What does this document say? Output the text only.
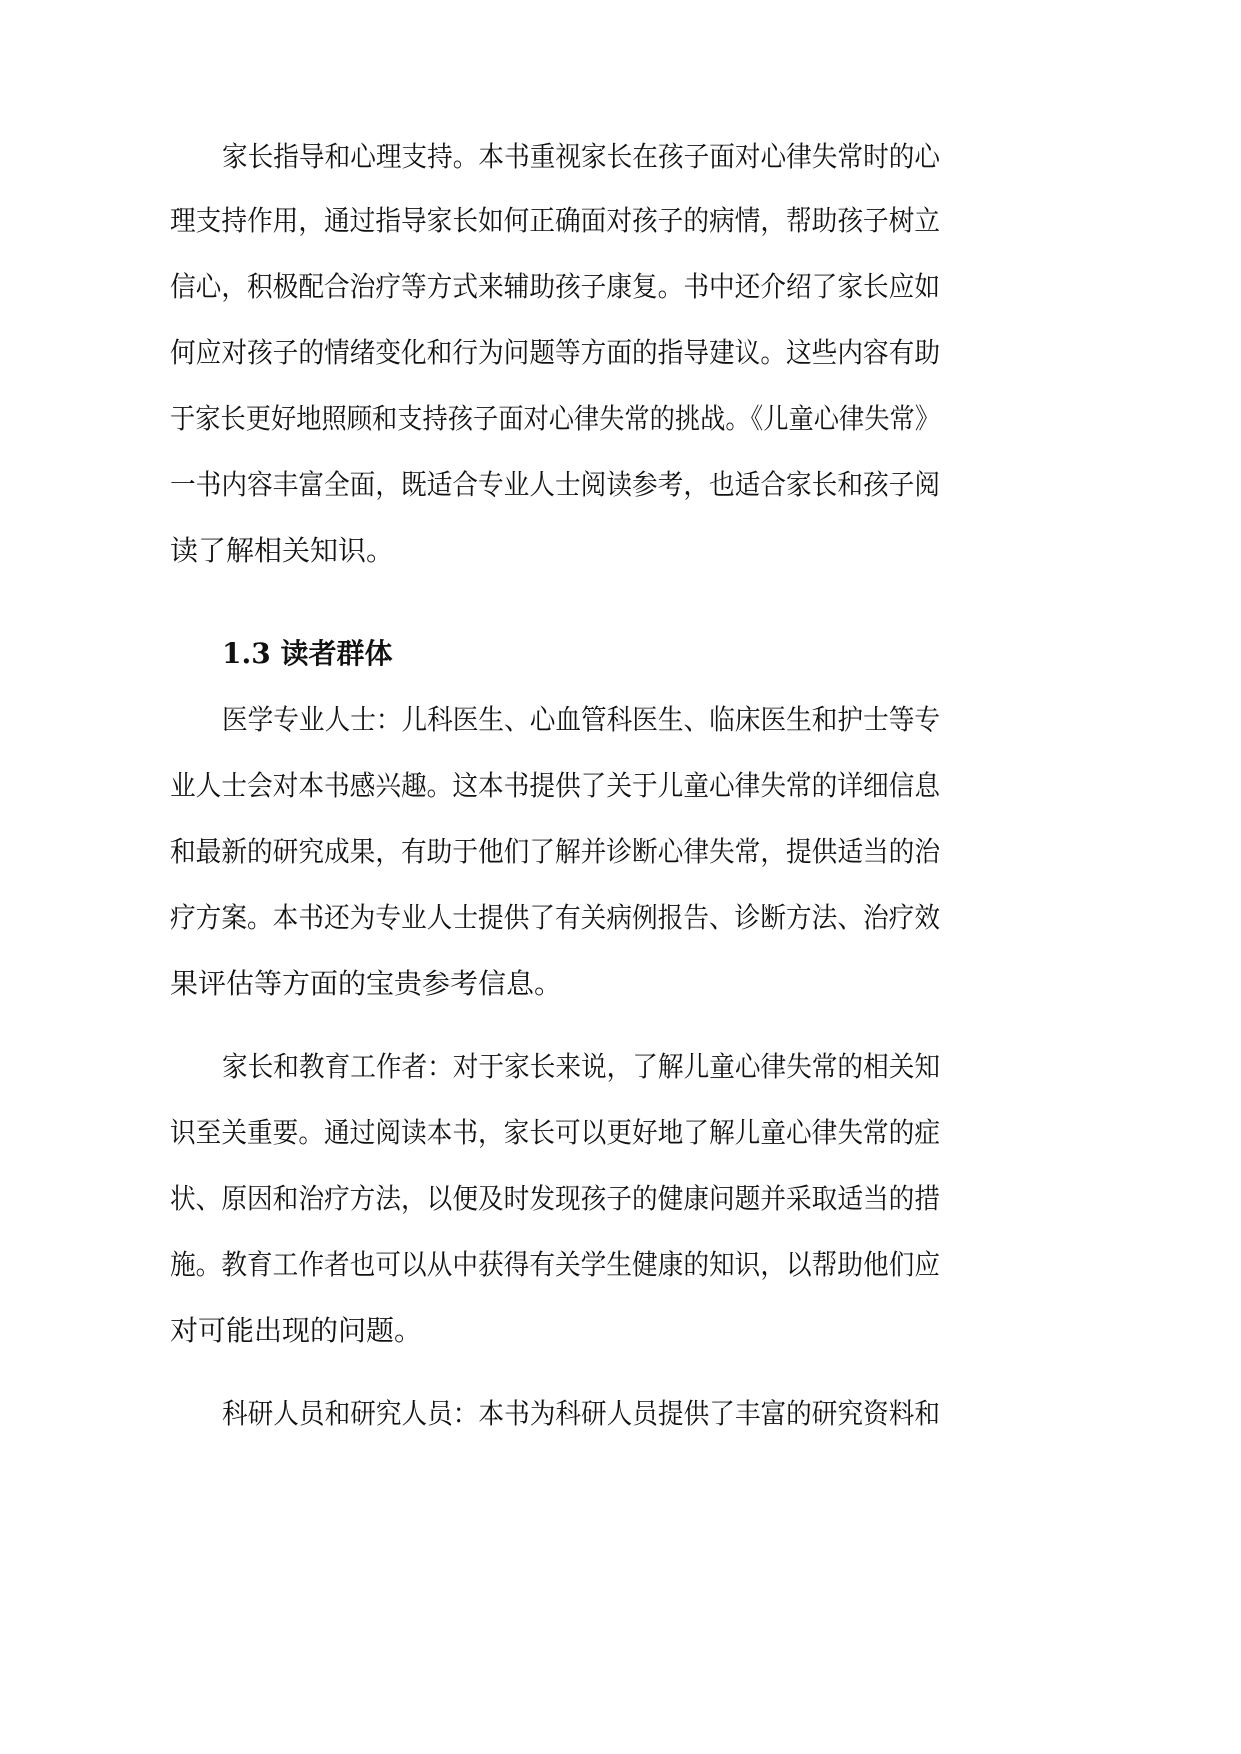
家长指导和心理支持。本书重视家长在孩子面对心律失常时的心

理支持作用，通过指导家长如何正确面对孩子的病情，帮助孩子树立

信心，积极配合治疗等方式来辅助孩子康复。书中还介绍了家长应如

何应对孩子的情绪变化和行为问题等方面的指导建议。这些内容有助

于家长更好地照顾和支持孩子面对心律失常的挑战。《儿童心律失常》

一书内容丰富全面，既适合专业人士阅读参考，也适合家长和孩子阅

读了解相关知识。

1.3 读者群体

医学专业人士：儿科医生、心血管科医生、临床医生和护士等专

业人士会对本书感兴趣。这本书提供了关于儿童心律失常的详细信息

和最新的研究成果，有助于他们了解并诊断心律失常，提供适当的治

疗方案。本书还为专业人士提供了有关病例报告、诊断方法、治疗效

果评估等方面的宝贵参考信息。

家长和教育工作者：对于家长来说，了解儿童心律失常的相关知

识至关重要。通过阅读本书，家长可以更好地了解儿童心律失常的症

状、原因和治疗方法，以便及时发现孩子的健康问题并采取适当的措

施。教育工作者也可以从中获得有关学生健康的知识，以帮助他们应

对可能出现的问题。

科研人员和研究人员：本书为科研人员提供了丰富的研究资料和
